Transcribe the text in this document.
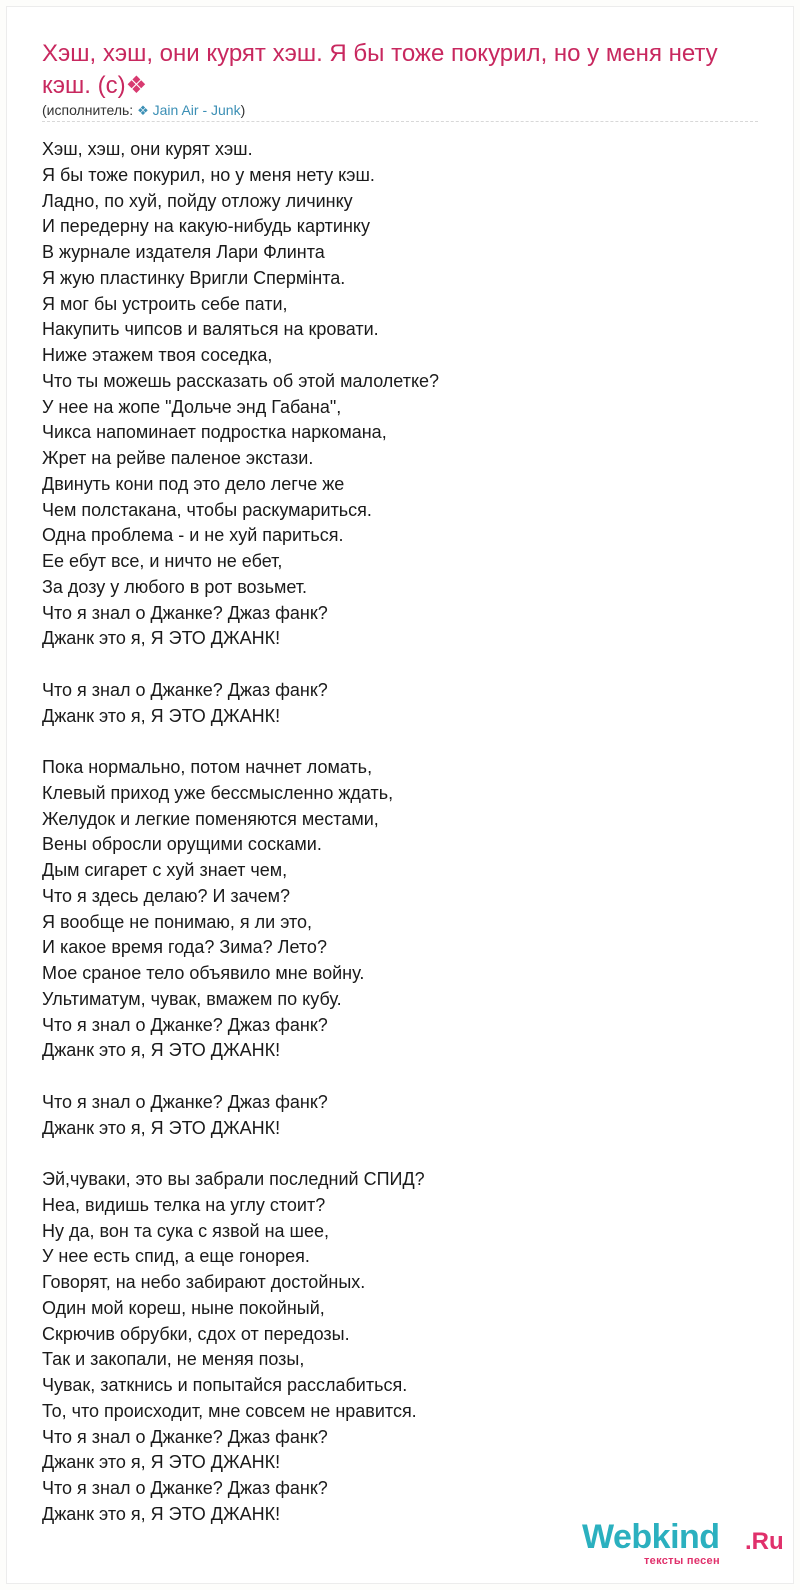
Хэш, хэш, они курят хэш. Я бы тоже покурил, но у меня нету кэш. (с)❖
(исполнитель: ❖ Jain Air - Junk)
Хэш, хэш, они курят хэш.
Я бы тоже покурил, но у меня нету кэш.
Ладно, по хуй, пойду отложу личинку
И передерну на какую-нибудь картинку
В журнале издателя Лари Флинта
Я жую пластинку Вригли Спермінта.
Я мог бы устроить себе пати,
Накупить чипсов и валяться на кровати.
Ниже этажем твоя соседка,
Что ты можешь рассказать об этой малолетке?
У нее на жопе "Дольче энд Габана",
Чикса напоминает подростка наркомана,
Жрет на рейве паленое экстази.
Двинуть кони под это дело легче же
Чем полстакана, чтобы раскумариться.
Одна проблема - и не хуй париться.
Ее ебут все, и ничто не ебет,
За дозу у любого в рот возьмет.
Что я знал о Джанке? Джаз фанк?
Джанк это я, Я ЭТО ДЖАНК!
Что я знал о Джанке? Джаз фанк?
Джанк это я, Я ЭТО ДЖАНК!
Пока нормально, потом начнет ломать,
Клевый приход уже бессмысленно ждать,
Желудок и легкие поменяются местами,
Вены обросли орущими сосками.
Дым сигарет с хуй знает чем,
Что я здесь делаю? И зачем?
Я вообще не понимаю, я ли это,
И какое время года? Зима? Лето?
Мое сраное тело объявило мне войну.
Ультиматум, чувак, вмажем по кубу.
Что я знал о Джанке? Джаз фанк?
Джанк это я, Я ЭТО ДЖАНК!
Что я знал о Джанке? Джаз фанк?
Джанк это я, Я ЭТО ДЖАНК!
Эй,чуваки, это вы забрали последний СПИД?
Неа, видишь телка на углу стоит?
Ну да, вон та сука с язвой на шее,
У нее есть спид, а еще гонорея.
Говорят, на небо забирают достойных.
Один мой кореш, ныне покойный,
Скрючив обрубки, сдох от передозы.
Так и закопали, не меняя позы,
Чувак, заткнись и попытайся расслабиться.
То, что происходит, мне совсем не нравится.
Что я знал о Джанке? Джаз фанк?
Джанк это я, Я ЭТО ДЖАНК!
Что я знал о Джанке? Джаз фанк?
Джанк это я, Я ЭТО ДЖАНК!
Webkind .Ru
тексты песен
